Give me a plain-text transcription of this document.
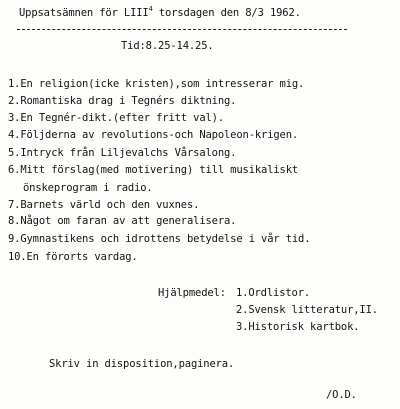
Uppsatsämnen för LIII$^4$ torsdagen den 8/3 1962.
Tid:8.25-14.25.
1.En religion(icke kristen),som intresserar mig.
2.Romantiska drag i Tegnérs diktning.
3.En Tegnér-dikt.(efter fritt val).
4.Följderna av revolutions-och Napoleon-krigen.
5.Intryck från Liljevalchs Vårsalong.
6.Mitt förslag(med motivering) till musikaliskt
önskeprogram i radio.
7.Barnets värld och den vuxnes.
8.Något om faran av att generalisera.
9.Gymnastikens och idrottens betydelse i vår tid.
10.En förorts vardag.
Hjälpmedel: 1.Ordlistor.
2.Svensk litteratur,II.
3.Historisk kartbok.
Skriv in disposition,paginera.
/O.D.
